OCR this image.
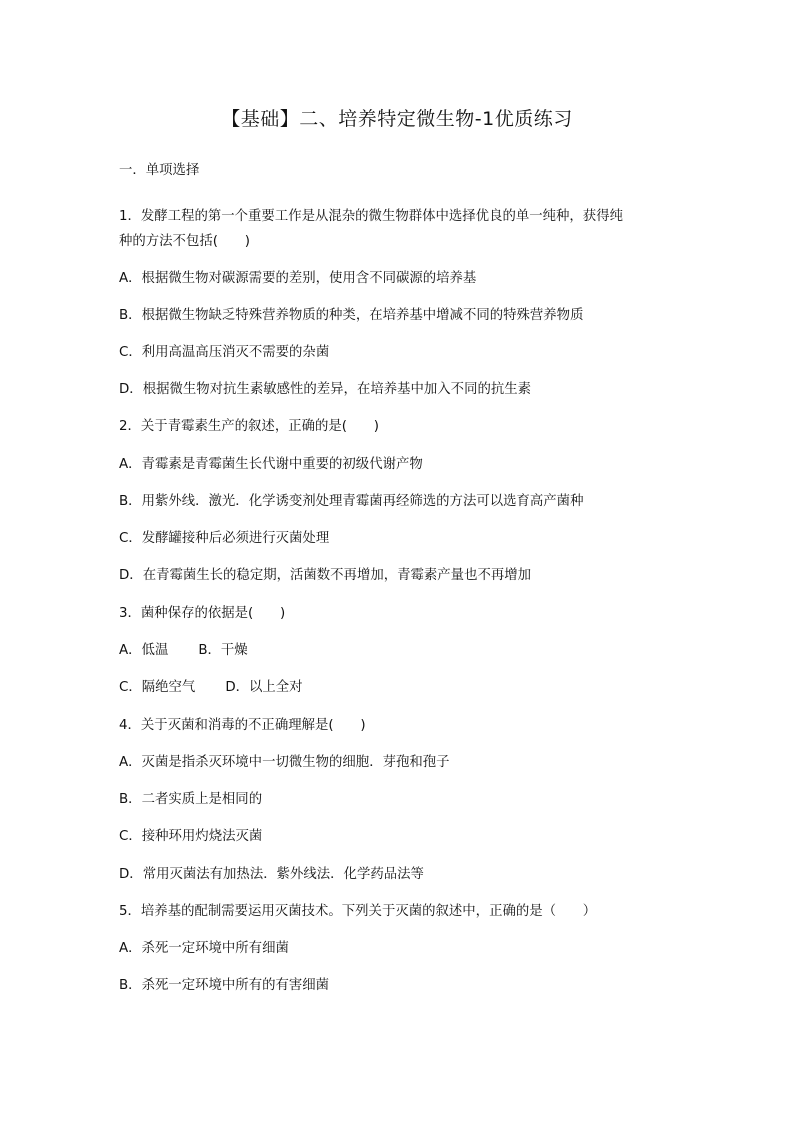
【基础】二、培养特定微生物-1优质练习
一．单项选择
1．发酵工程的第一个重要工作是从混杂的微生物群体中选择优良的单一纯种，获得纯
种的方法不包括(　　)
A．根据微生物对碳源需要的差别，使用含不同碳源的培养基
B．根据微生物缺乏特殊营养物质的种类，在培养基中增减不同的特殊营养物质
C．利用高温高压消灭不需要的杂菌
D．根据微生物对抗生素敏感性的差异，在培养基中加入不同的抗生素
2．关于青霉素生产的叙述，正确的是(　　)
A．青霉素是青霉菌生长代谢中重要的初级代谢产物
B．用紫外线．激光．化学诱变剂处理青霉菌再经筛选的方法可以选育高产菌种
C．发酵罐接种后必须进行灭菌处理
D．在青霉菌生长的稳定期，活菌数不再增加，青霉素产量也不再增加
3．菌种保存的依据是(　　)
A．低温 B．干燥
C．隔绝空气 D．以上全对
4．关于灭菌和消毒的不正确理解是(　　)
A．灭菌是指杀灭环境中一切微生物的细胞．芽孢和孢子
B．二者实质上是相同的
C．接种环用灼烧法灭菌
D．常用灭菌法有加热法．紫外线法．化学药品法等
5．培养基的配制需要运用灭菌技术。下列关于灭菌的叙述中，正确的是（　　）
A．杀死一定环境中所有细菌
B．杀死一定环境中所有的有害细菌
